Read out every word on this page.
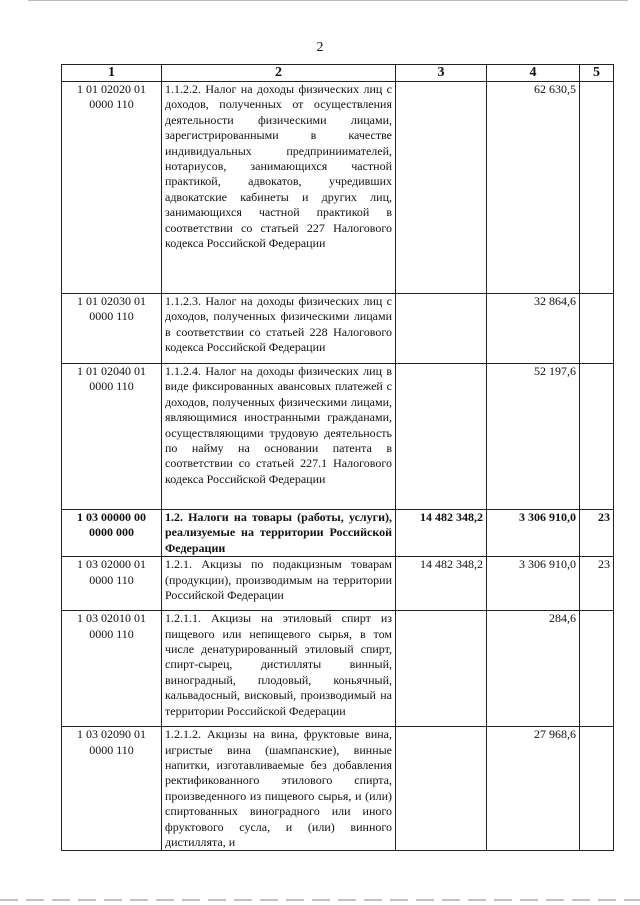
2
1	2	3	4	5
1 01 02020 01 0000 110	1.1.2.2. Налог на доходы физических лиц с доходов, полученных от осуществления деятельности физическими лицами, зарегистрированными в качестве индивидуальных предприниимателей, нотариусов, занимающихся частной практикой, адвокатов, учредивших адвокатские кабинеты и других лиц, занимающихся частной практикой в соответствии со статьей 227 Налогового кодекса Российской Федерации		62 630,5	
1 01 02030 01 0000 110	1.1.2.3. Налог на доходы физических лиц с доходов, полученных физическими лицами в соответствии со статьей 228 Налогового кодекса Российской Федерации		32 864,6	
1 01 02040 01 0000 110	1.1.2.4. Налог на доходы физических лиц в виде фиксированных авансовых платежей с доходов, полученных физическими лицами, являющимися иностранными гражданами, осуществляющими трудовую деятельность по найму на основании патента в соответствии со статьей 227.1 Налогового кодекса Российской Федерации		52 197,6	
1 03 00000 00 0000 000	1.2. Налоги на товары (работы, услуги), реализуемые на территории Российской Федерации	14 482 348,2	3 306 910,0	23
1 03 02000 01 0000 110	1.2.1. Акцизы по подакцизным товарам (продукции), производимым на территории Российской Федерации	14 482 348,2	3 306 910,0	23
1 03 02010 01 0000 110	1.2.1.1. Акцизы на этиловый спирт из пищевого или непищевого сырья, в том числе денатурированный этиловый спирт, спирт-сырец, дистилляты винный, виноградный, плодовый, коньячный, кальвадосный, висковый, производимый на территории Российской Федерации		284,6	
1 03 02090 01 0000 110	1.2.1.2. Акцизы на вина, фруктовые вина, игристые вина (шампанские), винные напитки, изготавливаемые без добавления ректификованного этилового спирта, произведенного из пищевого сырья, и (или) спиртованных виноградного или иного фруктового сусла, и (или) винного дистиллята, и		27 968,6	
